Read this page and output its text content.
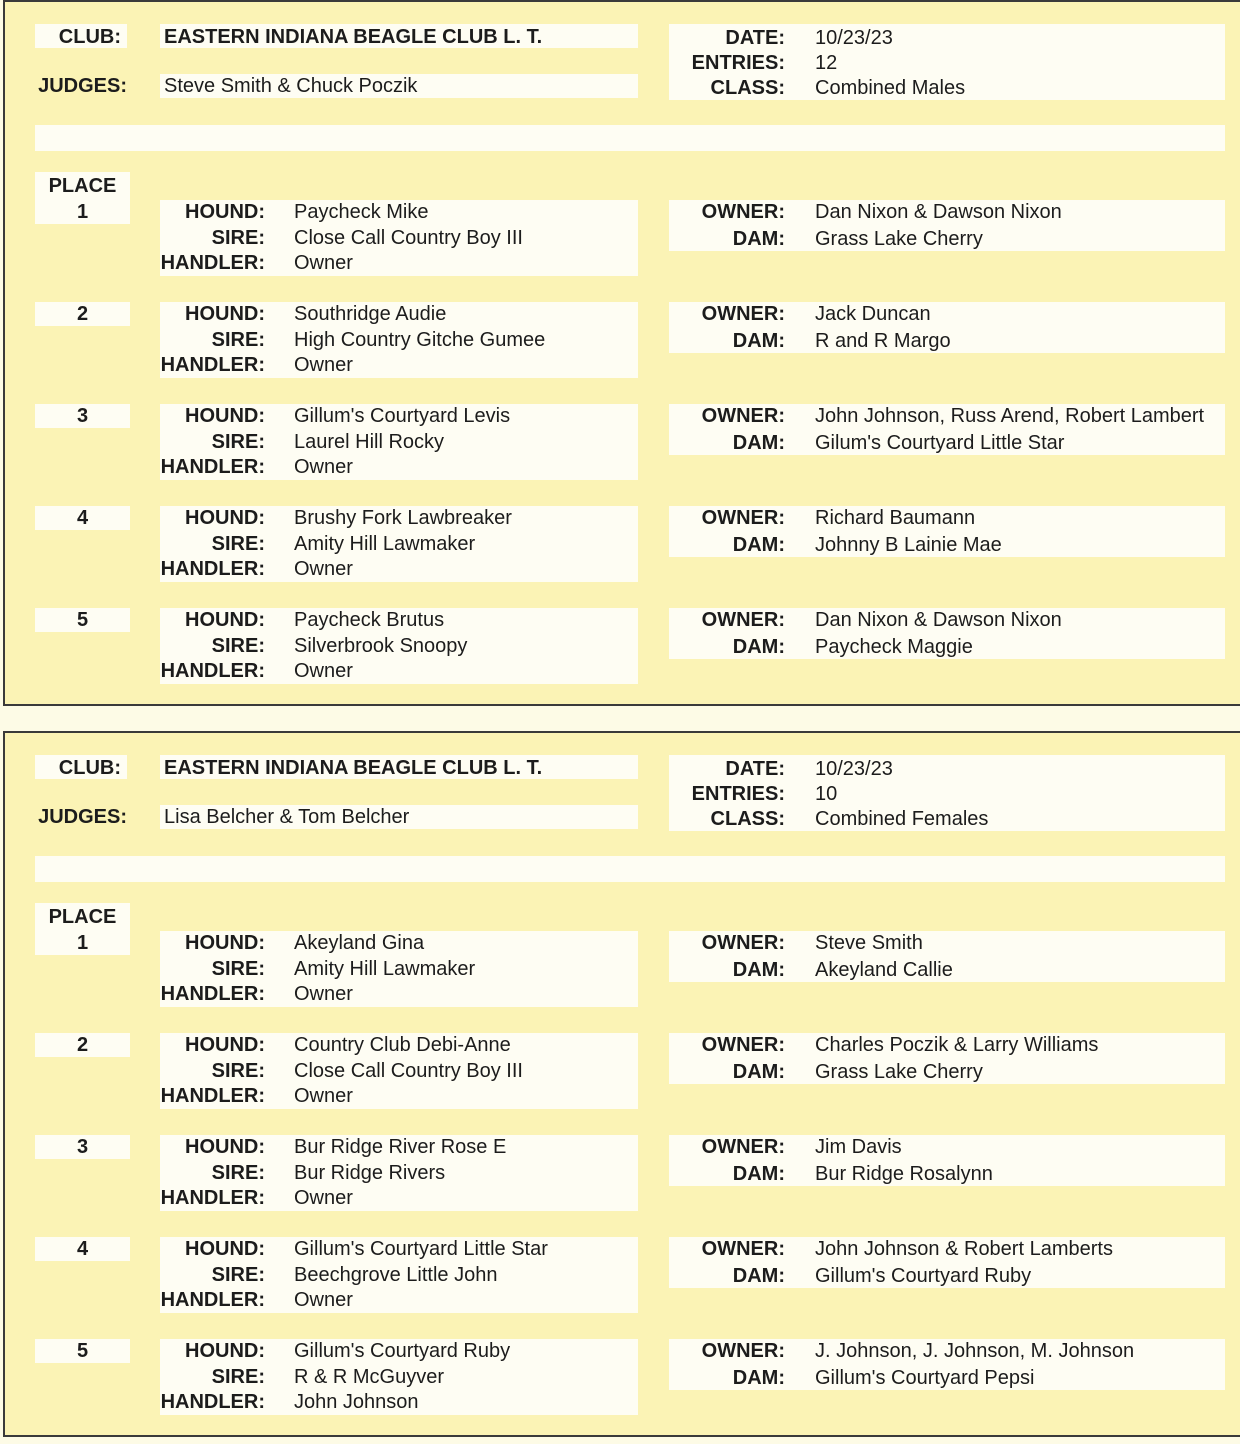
CLUB: EASTERN INDIANA BEAGLE CLUB L. T.
JUDGES: Steve Smith & Chuck Poczik
DATE: 10/23/23
ENTRIES: 12
CLASS: Combined Males
PLACE
1	HOUND: Paycheck Mike
SIRE: Close Call Country Boy III
HANDLER: Owner
OWNER: Dan Nixon & Dawson Nixon
DAM: Grass Lake Cherry
2	HOUND: Southridge Audie
SIRE: High Country Gitche Gumee
HANDLER: Owner
OWNER: Jack Duncan
DAM: R and R Margo
3	HOUND: Gillum's Courtyard Levis
SIRE: Laurel Hill Rocky
HANDLER: Owner
OWNER: John Johnson, Russ Arend, Robert Lambert
DAM: Gilum's Courtyard Little Star
4	HOUND: Brushy Fork Lawbreaker
SIRE: Amity Hill Lawmaker
HANDLER: Owner
OWNER: Richard Baumann
DAM: Johnny B Lainie Mae
5	HOUND: Paycheck Brutus
SIRE: Silverbrook Snoopy
HANDLER: Owner
OWNER: Dan Nixon & Dawson Nixon
DAM: Paycheck Maggie
CLUB: EASTERN INDIANA BEAGLE CLUB L. T.
JUDGES: Lisa Belcher & Tom Belcher
DATE: 10/23/23
ENTRIES: 10
CLASS: Combined Females
PLACE
1	HOUND: Akeyland Gina
SIRE: Amity Hill Lawmaker
HANDLER: Owner
OWNER: Steve Smith
DAM: Akeyland Callie
2	HOUND: Country Club Debi-Anne
SIRE: Close Call Country Boy III
HANDLER: Owner
OWNER: Charles Poczik & Larry Williams
DAM: Grass Lake Cherry
3	HOUND: Bur Ridge River Rose E
SIRE: Bur Ridge Rivers
HANDLER: Owner
OWNER: Jim Davis
DAM: Bur Ridge Rosalynn
4	HOUND: Gillum's Courtyard Little Star
SIRE: Beechgrove Little John
HANDLER: Owner
OWNER: John Johnson & Robert Lamberts
DAM: Gillum's Courtyard Ruby
5	HOUND: Gillum's Courtyard Ruby
SIRE: R & R McGuyver
HANDLER: John Johnson
OWNER: J. Johnson, J. Johnson, M. Johnson
DAM: Gillum's Courtyard Pepsi
